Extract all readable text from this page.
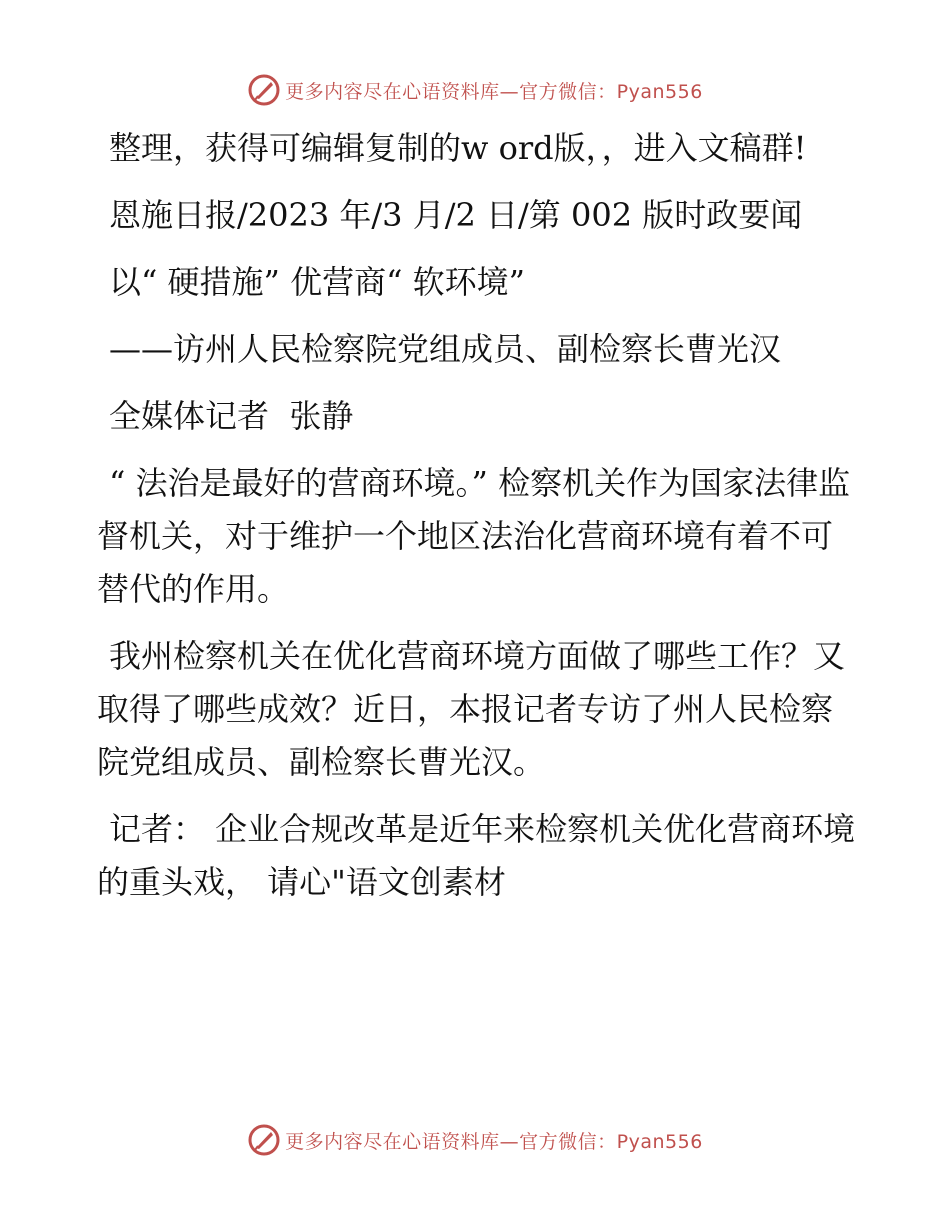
更多内容尽在心语资料库—官方微信：Pyan556

整理，获得可编辑复制的w ord版，，进入文稿群!

恩施日报/2023 年/3 月/2 日/第 002 版时政要闻

以“ 硬措施” 优营商“ 软环境”

——访州人民检察院党组成员、副检察长曹光汉

全媒体记者  张静

“ 法治是最好的营商环境。” 检察机关作为国家法律监督机关，对于维护一个地区法治化营商环境有着不可替代的作用。

我州检察机关在优化营商环境方面做了哪些工作？又取得了哪些成效？近日，本报记者专访了州人民检察院党组成员、副检察长曹光汉。

记者： 企业合规改革是近年来检察机关优化营商环境的重头戏， 请心"语文创素材

更多内容尽在心语资料库—官方微信：Pyan556
